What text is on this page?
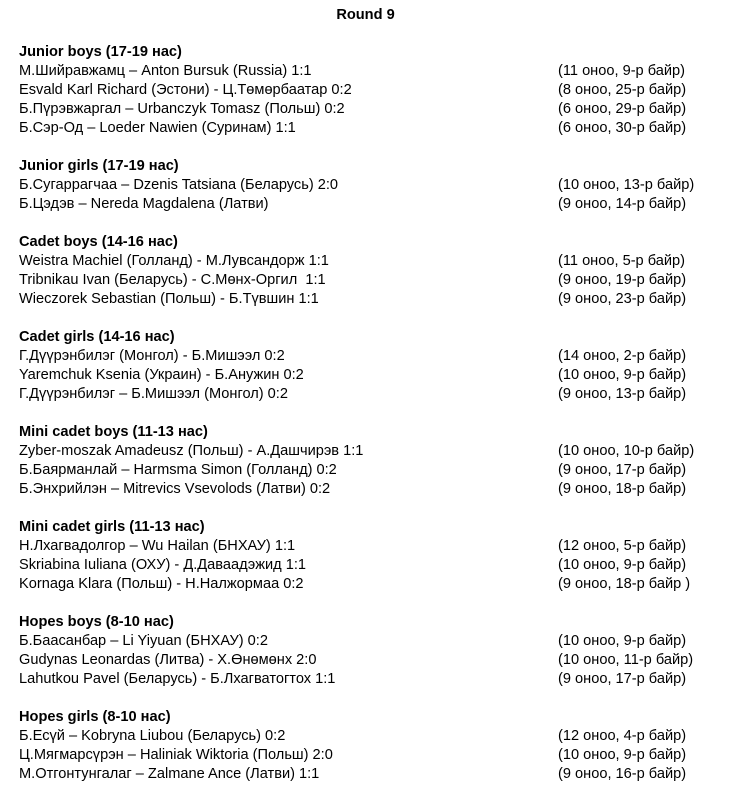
Round 9
Junior boys (17-19 нас)
М.Шийравжамц – Anton Bursuk (Russia) 1:1	(11 оноо, 9-р байр)
Esvald Karl Richard (Эстони) - Ц.Төмөрбаатар 0:2	(8 оноо, 25-р байр)
Б.Пүрэвжаргал – Urbanczyk Tomasz (Польш) 0:2	(6 оноо, 29-р байр)
Б.Сэр-Од – Loeder Nawien (Суринам) 1:1	(6 оноо, 30-р байр)
Junior girls (17-19 нас)
Б.Сугаррагчаа – Dzenis Tatsiana (Беларусь) 2:0	(10 оноо, 13-р байр)
Б.Цэдэв – Nereda Magdalena (Латви)	(9 оноо, 14-р байр)
Cadet boys (14-16 нас)
Weistra Machiel (Голланд) - М.Лувсандорж 1:1	(11 оноо, 5-р байр)
Tribnikau Ivan (Беларусь) - С.Мөнх-Оргил  1:1	(9 оноо, 19-р байр)
Wieczorek Sebastian (Польш) - Б.Түвшин 1:1	(9 оноо, 23-р байр)
Cadet girls (14-16 нас)
Г.Дүүрэнбилэг (Монгол) - Б.Мишээл 0:2	(14 оноо, 2-р байр)
Yaremchuk Ksenia (Украин) - Б.Анужин 0:2	(10 оноо, 9-р байр)
Г.Дүүрэнбилэг – Б.Мишээл (Монгол) 0:2	(9 оноо, 13-р байр)
Mini cadet boys (11-13 нас)
Zyber-moszak Amadeusz (Польш) - А.Дашчирэв 1:1	(10 оноо, 10-р байр)
Б.Баярманлай – Harmsma Simon (Голланд) 0:2	(9 оноо, 17-р байр)
Б.Энхрийлэн – Mitrevics Vsevolods (Латви) 0:2	(9 оноо, 18-р байр)
Mini cadet girls (11-13 нас)
Н.Лхагвадолгор – Wu Hailan (БНХАУ) 1:1	(12 оноо, 5-р байр)
Skriabina Iuliana (ОХУ) - Д.Даваадэжид 1:1	(10 оноо, 9-р байр)
Kornaga Klara (Польш) - Н.Налжормаа 0:2	(9 оноо, 18-р байр )
Hopes boys (8-10 нас)
Б.Баасанбар – Li Yiyuan (БНХАУ) 0:2	(10 оноо, 9-р байр)
Gudynas Leonardas (Литва) - Х.Өнөмөнх 2:0	(10 оноо, 11-р байр)
Lahutkou Pavel (Беларусь) - Б.Лхагватогтох 1:1	(9 оноо, 17-р байр)
Hopes girls (8-10 нас)
Б.Есүй – Kobryna Liubou (Беларусь) 0:2	(12 оноо, 4-р байр)
Ц.Мягмарсүрэн – Haliniak Wiktoria (Польш) 2:0	(10 оноо, 9-р байр)
М.Отгонтунгалаг – Zalmane Ance (Латви) 1:1	(9 оноо, 16-р байр)
